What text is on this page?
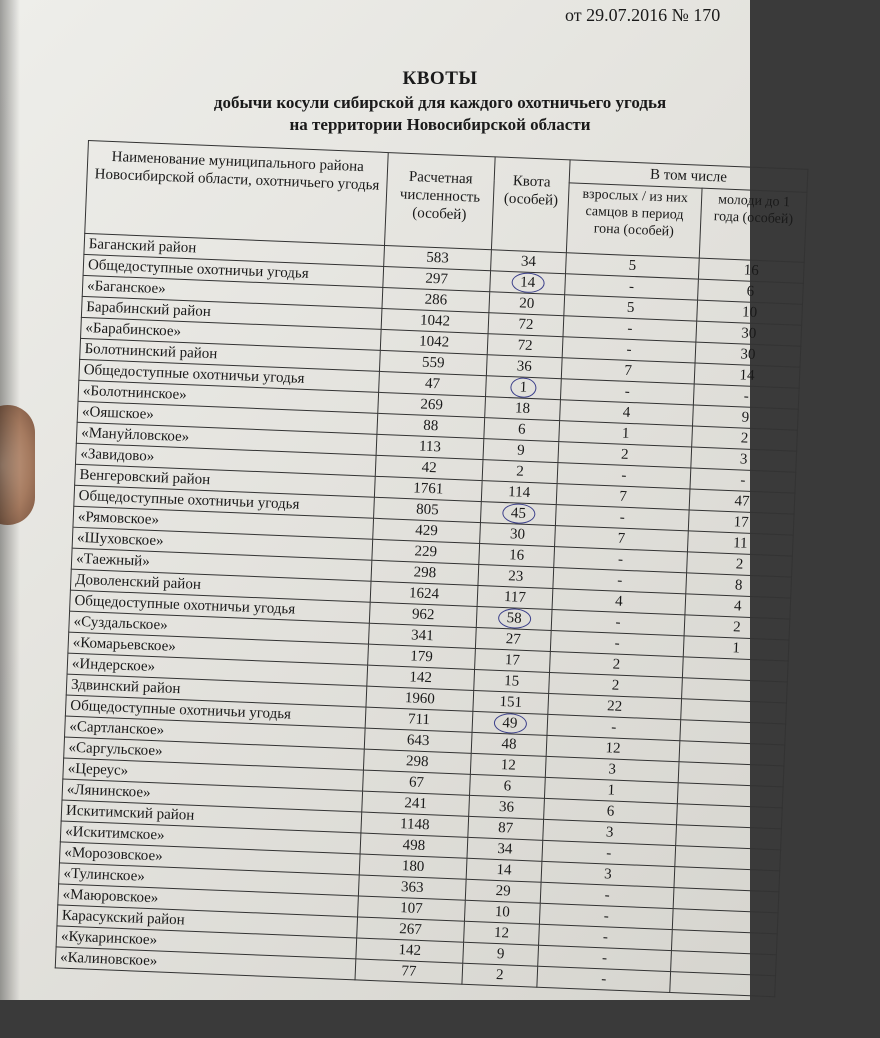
от 29.07.2016 № 170
КВОТЫ
добычи косули сибирской для каждого охотничьего угодья
на территории Новосибирской области
Наименование муниципального района Новосибирской области, охотничьего угодья	Расчетная численность (особей)	Квота (особей)	В том числе	
			взрослых / из них самцов в период гона (особей)	молоди до 1 года (особей)
Баганский район	583	34	5	16
Общедоступные охотничьи угодья	297	14	-	6
«Баганское»	286	20	5	10
Барабинский район	1042	72	-	30
«Барабинское»	1042	72	-	30
Болотнинский район	559	36	7	14
Общедоступные охотничьи угодья	47	1	-	-
«Болотнинское»	269	18	4	9
«Ояшское»	88	6	1	2
«Мануйловское»	113	9	2	3
«Завидово»	42	2	-	-
Венгеровский район	1761	114	7	47
Общедоступные охотничьи угодья	805	45	-	17
«Рямовское»	429	30	7	11
«Шуховское»	229	16	-	2
«Таежный»	298	23	-	8
Доволенский район	1624	117	4	4
Общедоступные охотничьи угодья	962	58	-	2
«Суздальское»	341	27	-	1
«Комарьевское»	179	17	2	
«Индерское»	142	15	2	
Здвинский район	1960	151	22	
Общедоступные охотничьи угодья	711	49	-	
«Сартланское»	643	48	12	
«Саргульское»	298	12	3	
«Цереус»	67	6	1	
«Лянинское»	241	36	6	
Искитимский район	1148	87	3	
«Искитимское»	498	34	-	
«Морозовское»	180	14	3	
«Тулинское»	363	29	-	
«Маюровское»	107	10	-	
Карасукский район	267	12	-	
«Кукаринское»	142	9	-	
«Калиновское»	77	2	-	
